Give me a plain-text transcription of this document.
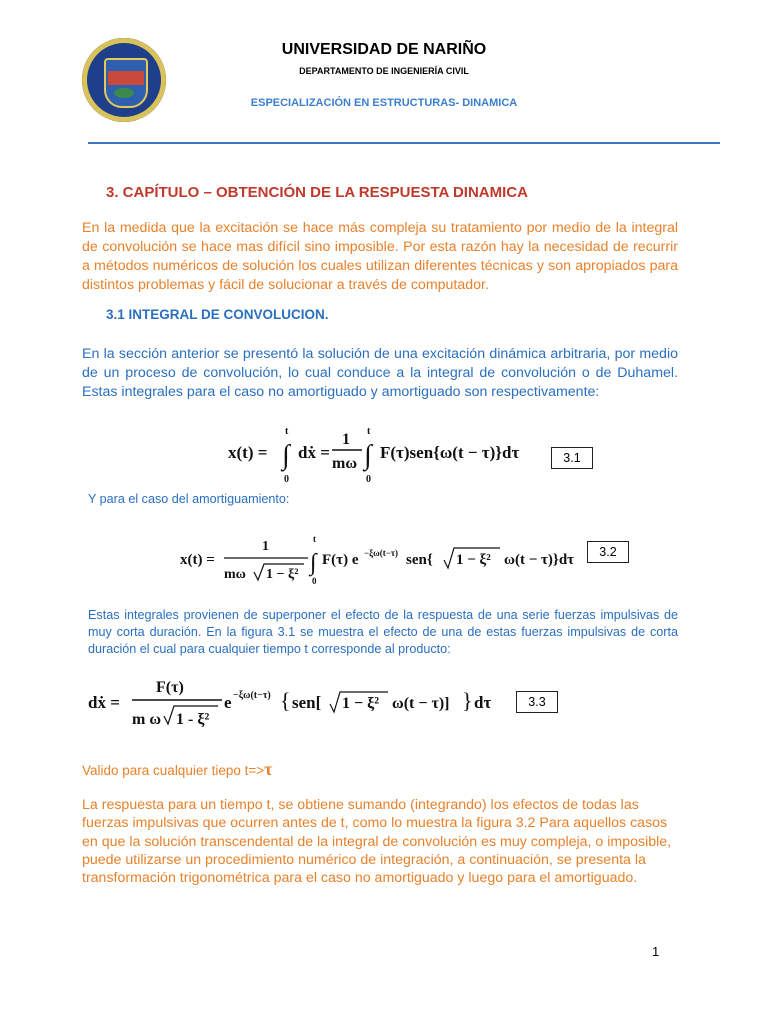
UNIVERSIDAD DE NARIÑO
DEPARTAMENTO DE INGENIERÍA CIVIL
ESPECIALIZACIÓN EN ESTRUCTURAS- DINAMICA
3. CAPÍTULO – OBTENCIÓN DE LA RESPUESTA DINAMICA
En la medida que la excitación se hace más compleja su tratamiento por medio de la integral de convolución se hace mas difícil sino imposible. Por esta razón hay la necesidad de recurrir a métodos numéricos de solución los cuales utilizan diferentes técnicas y son apropiados para distintos problemas y fácil de solucionar a través de computador.
3.1 INTEGRAL DE CONVOLUCION.
En la sección anterior se presentó la solución de una excitación dinámica arbitraria, por medio de un proceso de convolución, lo cual conduce a la integral de convolución o de Duhamel. Estas integrales para el caso no amortiguado y amortiguado son respectivamente:
x(t) = ∫
t
0
dẋ =
1
mω ∫
t
0
F(τ)sen{ω(t − τ)}dτ	3.1
Y para el caso del amortiguamiento:
x(t) =
1
mω 1 − ξ² ∫
t
0
F(τ) e −ξω(t−τ) sen{ 1 − ξ² ω(t − τ)}dτ	3.2
Estas integrales provienen de superponer el efecto de la respuesta de una serie fuerzas impulsivas de muy corta duración. En la figura 3.1 se muestra el efecto de una de estas fuerzas impulsivas de corta duración el cual para cualquier tiempo t corresponde al producto:
dẋ =
F(τ)
m ω 1 - ξ²
e −ξω(t−τ) { sen[ 1 − ξ² ω(t − τ)] } dτ	3.3
Valido para cualquier tiepo t=>τ
La respuesta para un tiempo t, se obtiene sumando (integrando) los efectos de todas las fuerzas impulsivas que ocurren antes de t, como lo muestra la figura 3.2 Para aquellos casos en que la solución transcendental de la integral de convolución es muy compleja, o imposible, puede utilizarse un procedimiento numérico de integración, a continuación, se presenta la transformación trigonométrica para el caso no amortiguado y luego para el amortiguado.
1
